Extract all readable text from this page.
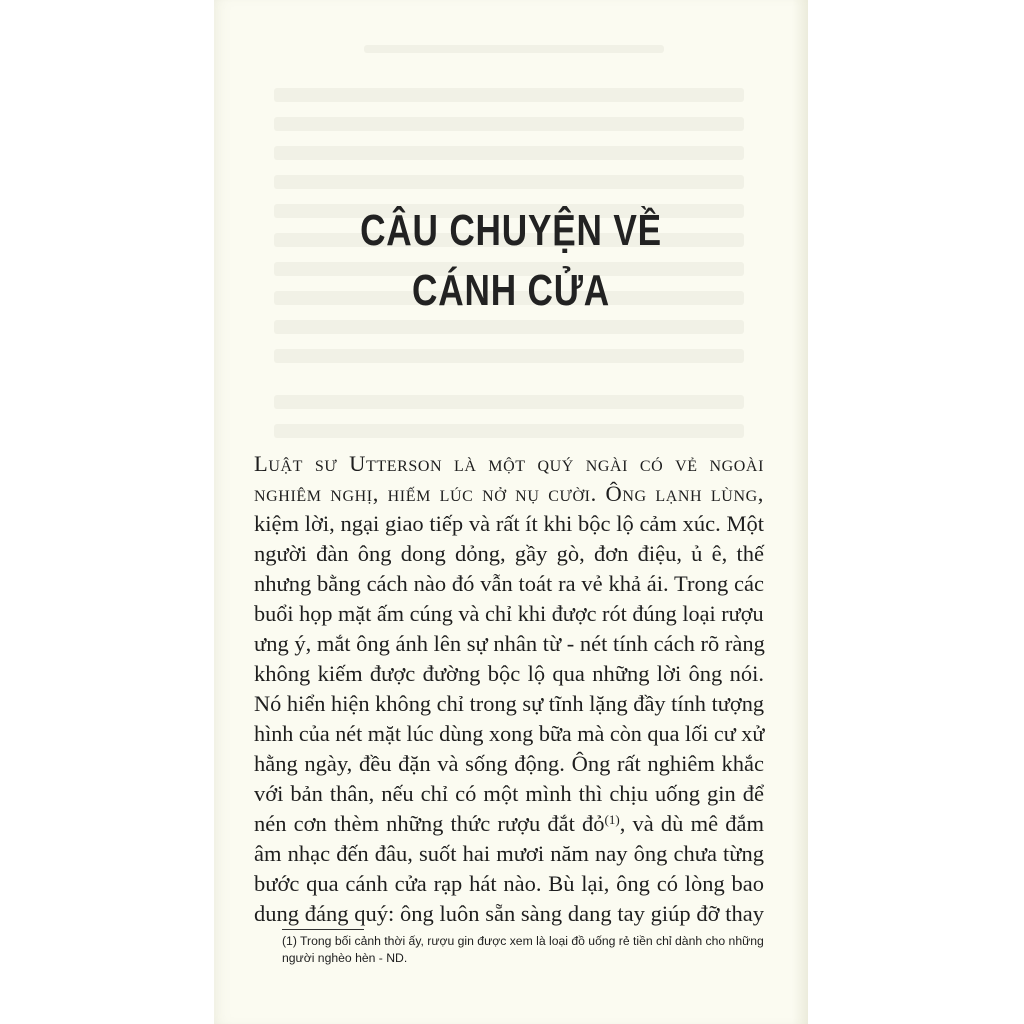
CÂU CHUYỆN VỀ
CÁNH CỬA
Luật sư Utterson là một quý ngài có vẻ ngoài
nghiêm nghị, hiếm lúc nở nụ cười. Ông lạnh lùng,
kiệm lời, ngại giao tiếp và rất ít khi bộc lộ cảm xúc. Một
người đàn ông dong dỏng, gầy gò, đơn điệu, ủ ê, thế
nhưng bằng cách nào đó vẫn toát ra vẻ khả ái. Trong các
buổi họp mặt ấm cúng và chỉ khi được rót đúng loại rượu
ưng ý, mắt ông ánh lên sự nhân từ - nét tính cách rõ ràng
không kiếm được đường bộc lộ qua những lời ông nói.
Nó hiển hiện không chỉ trong sự tĩnh lặng đầy tính tượng
hình của nét mặt lúc dùng xong bữa mà còn qua lối cư xử
hằng ngày, đều đặn và sống động. Ông rất nghiêm khắc
với bản thân, nếu chỉ có một mình thì chịu uống gin để
nén cơn thèm những thức rượu đắt đỏ$^{(1)}$, và dù mê đắm
âm nhạc đến đâu, suốt hai mươi năm nay ông chưa từng
bước qua cánh cửa rạp hát nào. Bù lại, ông có lòng bao
dung đáng quý: ông luôn sẵn sàng dang tay giúp đỡ thay
(1) Trong bối cảnh thời ấy, rượu gin được xem là loại đồ uống rẻ tiền chỉ dành cho những
người nghèo hèn - ND.
